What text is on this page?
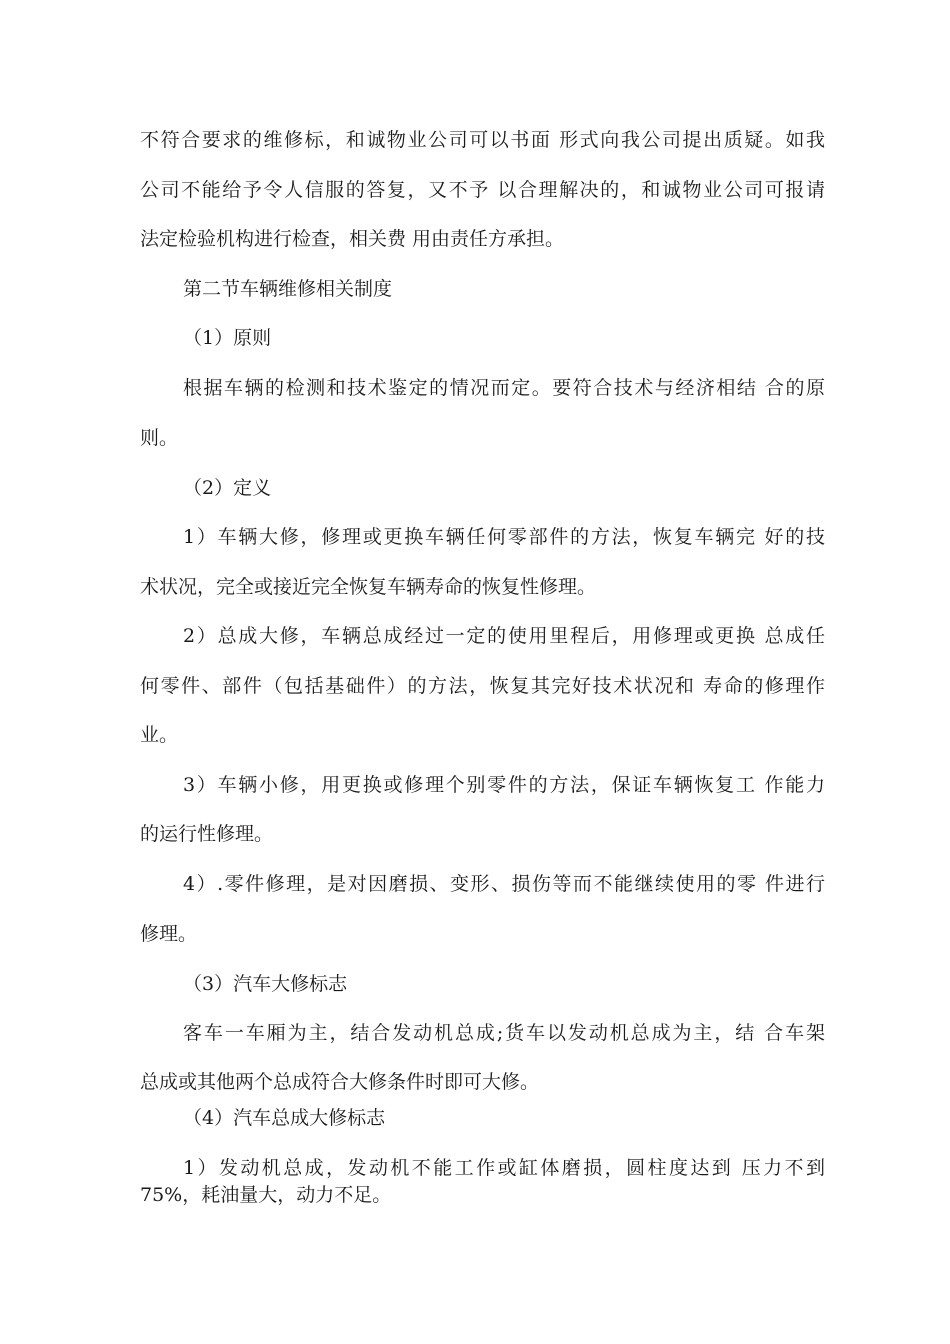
不符合要求的维修标，和诚物业公司可以书面 形式向我公司提出质疑。如我
公司不能给予令人信服的答复，又不予 以合理解决的，和诚物业公司可报请
法定检验机构进行检查，相关费 用由责任方承担。
第二节车辆维修相关制度
（1）原则
根据车辆的检测和技术鉴定的情况而定。要符合技术与经济相结 合的原
则。
（2）定义
1）车辆大修，修理或更换车辆任何零部件的方法，恢复车辆完 好的技
术状况，完全或接近完全恢复车辆寿命的恢复性修理。
2）总成大修，车辆总成经过一定的使用里程后，用修理或更换 总成任
何零件、部件（包括基础件）的方法，恢复其完好技术状况和 寿命的修理作
业。
3）车辆小修，用更换或修理个别零件的方法，保证车辆恢复工 作能力
的运行性修理。
4）.零件修理，是对因磨损、变形、损伤等而不能继续使用的零 件进行
修理。
（3）汽车大修标志
客车一车厢为主，结合发动机总成;货车以发动机总成为主，结 合车架
总成或其他两个总成符合大修条件时即可大修。
（4）汽车总成大修标志
1）发动机总成，发动机不能工作或缸体磨损，圆柱度达到 压力不到
75%，耗油量大，动力不足。
